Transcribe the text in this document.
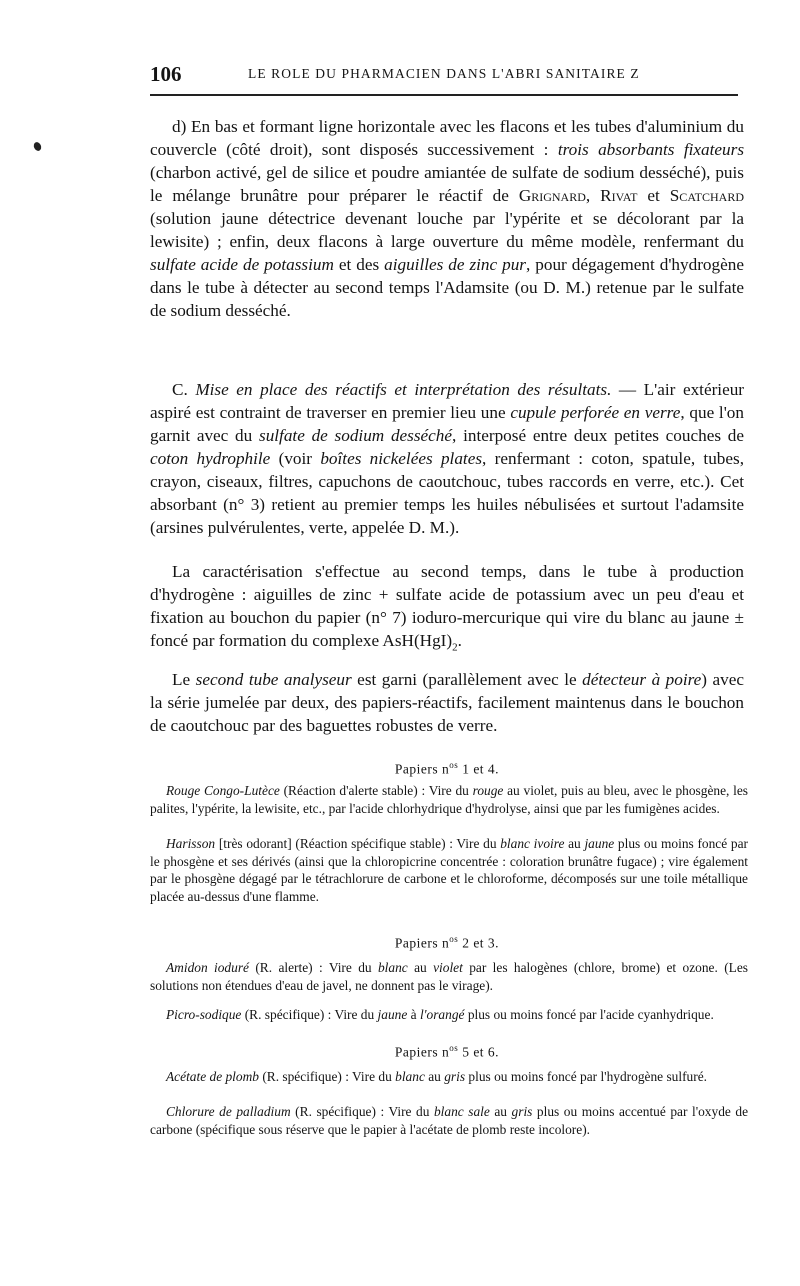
106	LE ROLE DU PHARMACIEN DANS L'ABRI SANITAIRE Z
d) En bas et formant ligne horizontale avec les flacons et les tubes d'aluminium du couvercle (côté droit), sont disposés successivement : trois absorbants fixateurs (charbon activé, gel de silice et poudre amiantée de sulfate de sodium desséché), puis le mélange brunâtre pour préparer le réactif de Grignard, Rivat et Scatchard (solution jaune détectrice devenant louche par l'ypérite et se décolorant par la lewisite) ; enfin, deux flacons à large ouverture du même modèle, renfermant du sulfate acide de potassium et des aiguilles de zinc pur, pour dégagement d'hydrogène dans le tube à détecter au second temps l'Adamsite (ou D. M.) retenue par le sulfate de sodium desséché.
C. Mise en place des réactifs et interprétation des résultats. — L'air extérieur aspiré est contraint de traverser en premier lieu une cupule perforée en verre, que l'on garnit avec du sulfate de sodium desséché, interposé entre deux petites couches de coton hydrophile (voir boîtes nickelées plates, renfermant : coton, spatule, tubes, crayon, ciseaux, filtres, capuchons de caoutchouc, tubes raccords en verre, etc.). Cet absorbant (n° 3) retient au premier temps les huiles nébulisées et surtout l'adamsite (arsines pulvérulentes, verte, appelée D. M.).
La caractérisation s'effectue au second temps, dans le tube à production d'hydrogène : aiguilles de zinc + sulfate acide de potassium avec un peu d'eau et fixation au bouchon du papier (n° 7) ioduro-mercurique qui vire du blanc au jaune ± foncé par formation du complexe $AsH(HgI)_2$.
Le second tube analyseur est garni (parallèlement avec le détecteur à poire) avec la série jumelée par deux, des papiers-réactifs, facilement maintenus dans le bouchon de caoutchouc par des baguettes robustes de verre.
Papiers $n^{os}$ 1 et 4.
Rouge Congo-Lutèce (Réaction d'alerte stable) : Vire du rouge au violet, puis au bleu, avec le phosgène, les palites, l'ypérite, la lewisite, etc., par l'acide chlorhydrique d'hydrolyse, ainsi que par les fumigènes acides.
Harisson [très odorant] (Réaction spécifique stable) : Vire du blanc ivoire au jaune plus ou moins foncé par le phosgène et ses dérivés (ainsi que la chloropicrine concentrée : coloration brunâtre fugace) ; vire également par le phosgène dégagé par le tétrachlorure de carbone et le chloroforme, décomposés sur une toile métallique placée au-dessus d'une flamme.
Papiers $n^{os}$ 2 et 3.
Amidon ioduré (R. alerte) : Vire du blanc au violet par les halogènes (chlore, brome) et ozone. (Les solutions non étendues d'eau de javel, ne donnent pas le virage).
Picro-sodique (R. spécifique) : Vire du jaune à l'orangé plus ou moins foncé par l'acide cyanhydrique.
Papiers $n^{os}$ 5 et 6.
Acétate de plomb (R. spécifique) : Vire du blanc au gris plus ou moins foncé par l'hydrogène sulfuré.
Chlorure de palladium (R. spécifique) : Vire du blanc sale au gris plus ou moins accentué par l'oxyde de carbone (spécifique sous réserve que le papier à l'acétate de plomb reste incolore).
